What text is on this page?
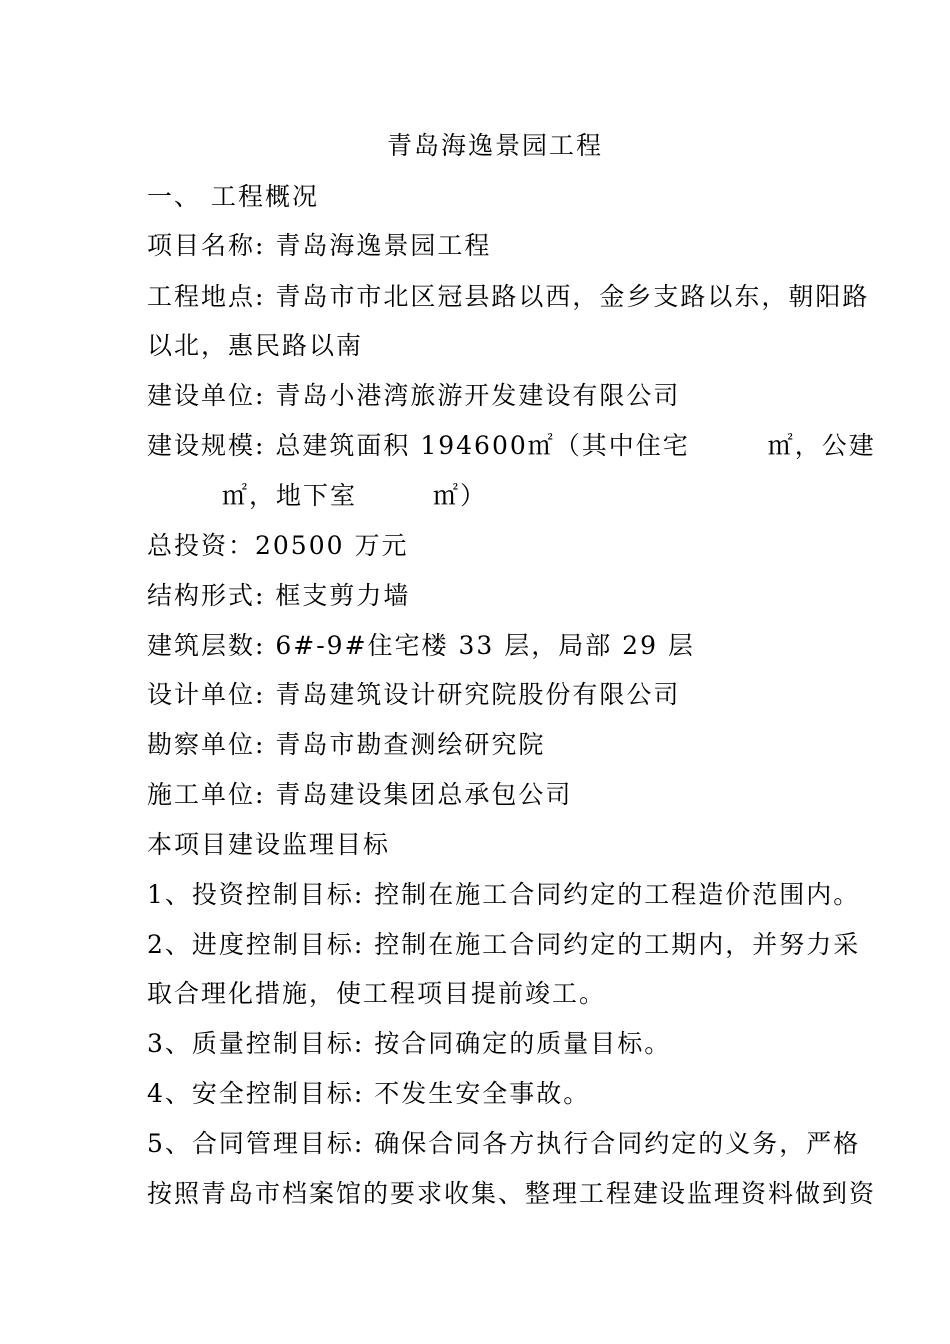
青岛海逸景园工程
一、 工程概况
项目名称: 青岛海逸景园工程
工程地点: 青岛市市北区冠县路以西，金乡支路以东，朝阳路
以北，惠民路以南
建设单位: 青岛小港湾旅游开发建设有限公司
建设规模: 总建筑面积 194600㎡（其中住宅	㎡，公建
㎡，地下室	㎡）
总投资：20500 万元
结构形式: 框支剪力墙
建筑层数: 6#-9#住宅楼 33 层，局部 29 层
设计单位: 青岛建筑设计研究院股份有限公司
勘察单位: 青岛市勘查测绘研究院
施工单位: 青岛建设集团总承包公司
本项目建设监理目标
1、投资控制目标: 控制在施工合同约定的工程造价范围内。
2、进度控制目标: 控制在施工合同约定的工期内，并努力采
取合理化措施，使工程项目提前竣工。
3、质量控制目标: 按合同确定的质量目标。
4、安全控制目标: 不发生安全事故。
5、合同管理目标: 确保合同各方执行合同约定的义务，严格
按照青岛市档案馆的要求收集、整理工程建设监理资料做到资
